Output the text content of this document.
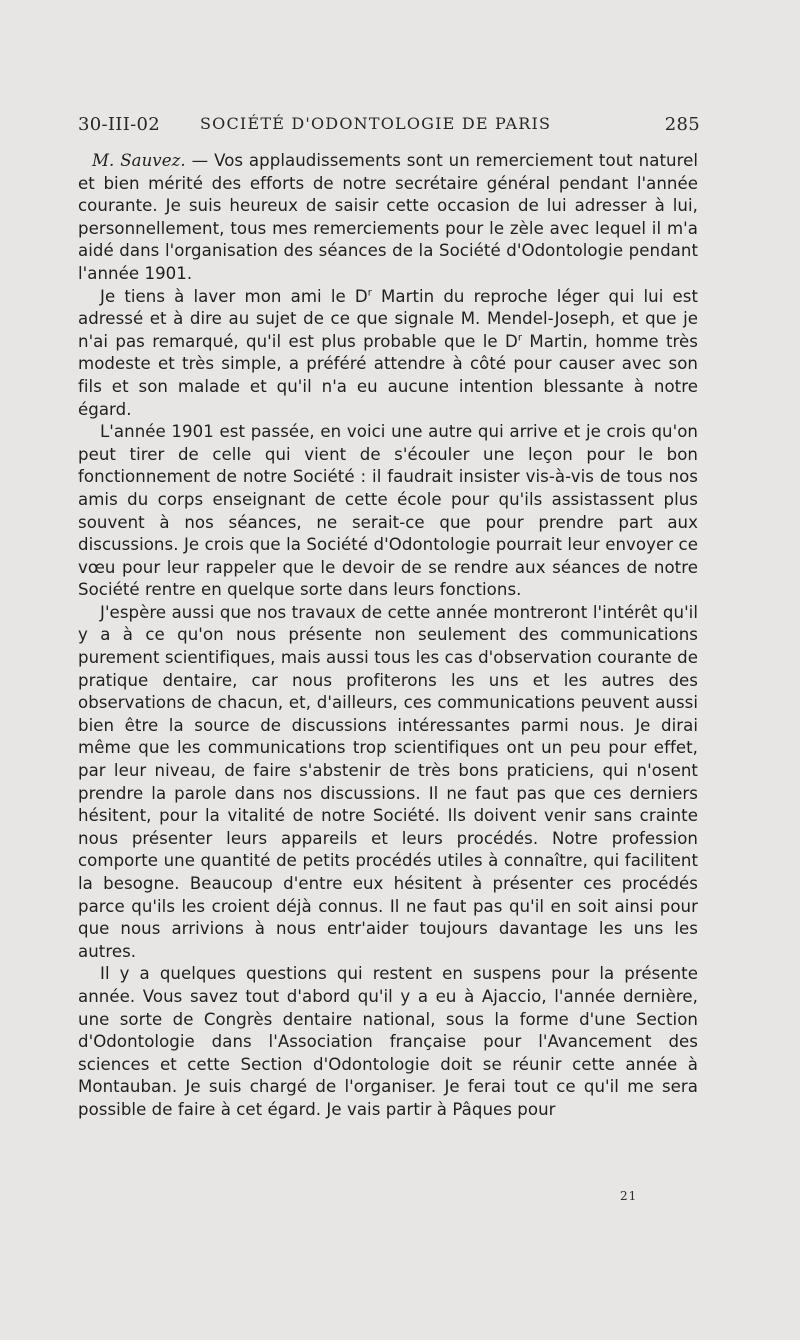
30-III-02 SOCIÉTÉ D'ODONTOLOGIE DE PARIS	285

M. Sauvez. — Vos applaudissements sont un remerciement tout naturel et bien mérité des efforts de notre secrétaire général pendant l'année courante. Je suis heureux de saisir cette occasion de lui adresser à lui, personnellement, tous mes remerciements pour le zèle avec lequel il m'a aidé dans l'organisation des séances de la Société d'Odontologie pendant l'année 1901.

Je tiens à laver mon ami le $D^r$ Martin du reproche léger qui lui est adressé et à dire au sujet de ce que signale M. Mendel-Joseph, et que je n'ai pas remarqué, qu'il est plus probable que le $D^r$ Martin, homme très modeste et très simple, a préféré attendre à côté pour causer avec son fils et son malade et qu'il n'a eu aucune intention blessante à notre égard.

L'année 1901 est passée, en voici une autre qui arrive et je crois qu'on peut tirer de celle qui vient de s'écouler une leçon pour le bon fonctionnement de notre Société : il faudrait insister vis-à-vis de tous nos amis du corps enseignant de cette école pour qu'ils assistassent plus souvent à nos séances, ne serait-ce que pour prendre part aux discussions. Je crois que la Société d'Odontologie pourrait leur envoyer ce vœu pour leur rappeler que le devoir de se rendre aux séances de notre Société rentre en quelque sorte dans leurs fonctions.

J'espère aussi que nos travaux de cette année montreront l'intérêt qu'il y a à ce qu'on nous présente non seulement des communications purement scientifiques, mais aussi tous les cas d'observation courante de pratique dentaire, car nous profiterons les uns et les autres des observations de chacun, et, d'ailleurs, ces communications peuvent aussi bien être la source de discussions intéressantes parmi nous. Je dirai même que les communications trop scientifiques ont un peu pour effet, par leur niveau, de faire s'abstenir de très bons praticiens, qui n'osent prendre la parole dans nos discussions. Il ne faut pas que ces derniers hésitent, pour la vitalité de notre Société. Ils doivent venir sans crainte nous présenter leurs appareils et leurs procédés. Notre profession comporte une quantité de petits procédés utiles à connaître, qui facilitent la besogne. Beaucoup d'entre eux hésitent à présenter ces procédés parce qu'ils les croient déjà connus. Il ne faut pas qu'il en soit ainsi pour que nous arrivions à nous entr'aider toujours davantage les uns les autres.

Il y a quelques questions qui restent en suspens pour la présente année. Vous savez tout d'abord qu'il y a eu à Ajaccio, l'année dernière, une sorte de Congrès dentaire national, sous la forme d'une Section d'Odontologie dans l'Association française pour l'Avancement des sciences et cette Section d'Odontologie doit se réunir cette année à Montauban. Je suis chargé de l'organiser. Je ferai tout ce qu'il me sera possible de faire à cet égard. Je vais partir à Pâques pour

21
